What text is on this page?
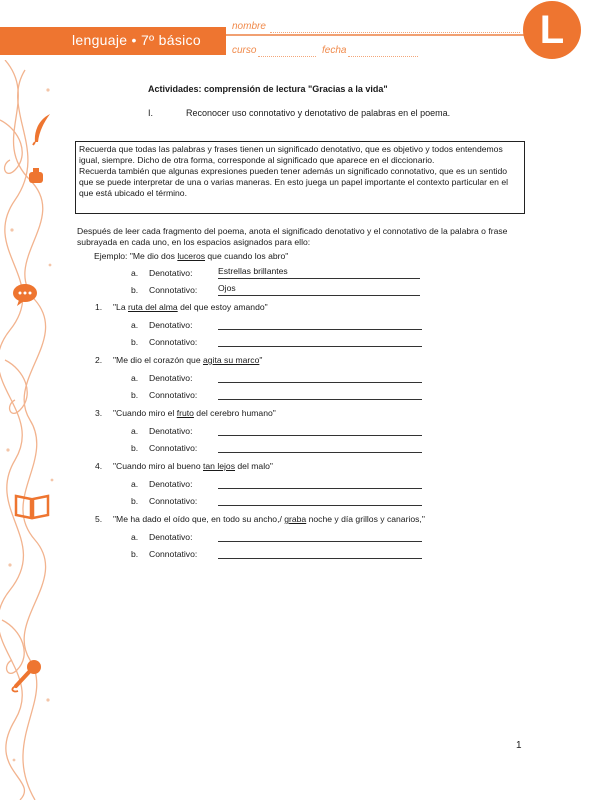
lenguaje • 7º básico
nombre
curso	fecha	L
Actividades: comprensión de lectura "Gracias a la vida"
I.	Reconocer uso connotativo y denotativo de palabras en el poema.

Recuerda que todas las palabras y frases tienen un significado denotativo, que es objetivo y todos entendemos igual, siempre. Dicho de otra forma, corresponde al significado que aparece en el diccionario.

Recuerda también que algunas expresiones pueden tener además un significado connotativo, que es un sentido que se puede interpretar de una o varias maneras. En esto juega un papel importante el contexto particular en el que está ubicado el término.

Después de leer cada fragmento del poema, anota el significado denotativo y el connotativo de la palabra o frase subrayada en cada uno, en los espacios asignados para ello:
Ejemplo: "Me dio dos luceros que cuando los abro"
a. Denotativo:	Estrellas brillantes
b. Connotativo: Ojos
1. "La ruta del alma del que estoy amando"
a. Denotativo:
b. Connotativo:
2. "Me dio el corazón que agita su marco"
a. Denotativo:
b. Connotativo:
3. "Cuando miro el fruto del cerebro humano"
a. Denotativo:
b. Connotativo:
4. "Cuando miro al bueno tan lejos del malo"
a. Denotativo:
b. Connotativo:
5. "Me ha dado el oído que, en todo su ancho,/ graba noche y día grillos y canarios,"
a. Denotativo:
b. Connotativo:
1
